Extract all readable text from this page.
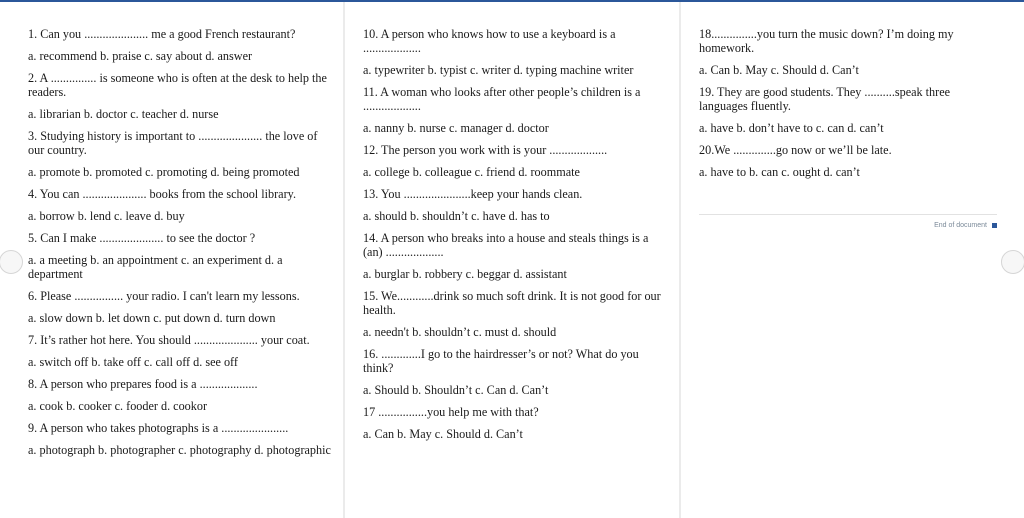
1. Can you ..................... me a good French restaurant?

a. recommend b. praise c. say about d. answer

2. A ............... is someone who is often at the desk to help the readers.

a. librarian b. doctor c. teacher d. nurse

3. Studying history is important to ..................... the love of our country.

a. promote b. promoted c. promoting d. being promoted

4. You can ..................... books from the school library.

a. borrow b. lend c. leave d. buy

5. Can I make ..................... to see the doctor ?

a. a meeting b. an appointment c. an experiment d. a department

6. Please ................ your radio. I can't learn my lessons.

a. slow down b. let down c. put down d. turn down

7. It’s rather hot here. You should ..................... your coat.

a. switch off b. take off c. call off d. see off

8. A person who prepares food is a ...................

a. cook b. cooker c. fooder d. cookor

9. A person who takes photographs is a ......................

a. photograph b. photographer c. photography d. photographic

10. A person who knows how to use a keyboard is a ...................

a. typewriter b. typist c. writer d. typing machine writer

11. A woman who looks after other people’s children is a ...................

a. nanny b. nurse c. manager d. doctor

12. The person you work with is your ...................

a. college b. colleague c. friend d. roommate

13. You ......................keep your hands clean.

a. should b. shouldn’t c. have d. has to

14. A person who breaks into a house and steals things is a (an) ...................

a. burglar b. robbery c. beggar d. assistant

15. We............drink so much soft drink. It is not good for our health.

a. needn't b. shouldn’t c. must d. should

16. .............I go to the hairdresser’s or not? What do you think?

a. Should b. Shouldn’t c. Can d. Can’t

17 ................you help me with that?

a. Can b. May c. Should d. Can’t

18...............you turn the music down? I’m doing my homework.

a. Can b. May c. Should d. Can’t

19. They are good students. They ..........speak three languages fluently.

a. have b. don’t have to c. can d. can’t

20.We ..............go now or we’ll be late.

a. have to b. can c. ought d. can’t

End of document
